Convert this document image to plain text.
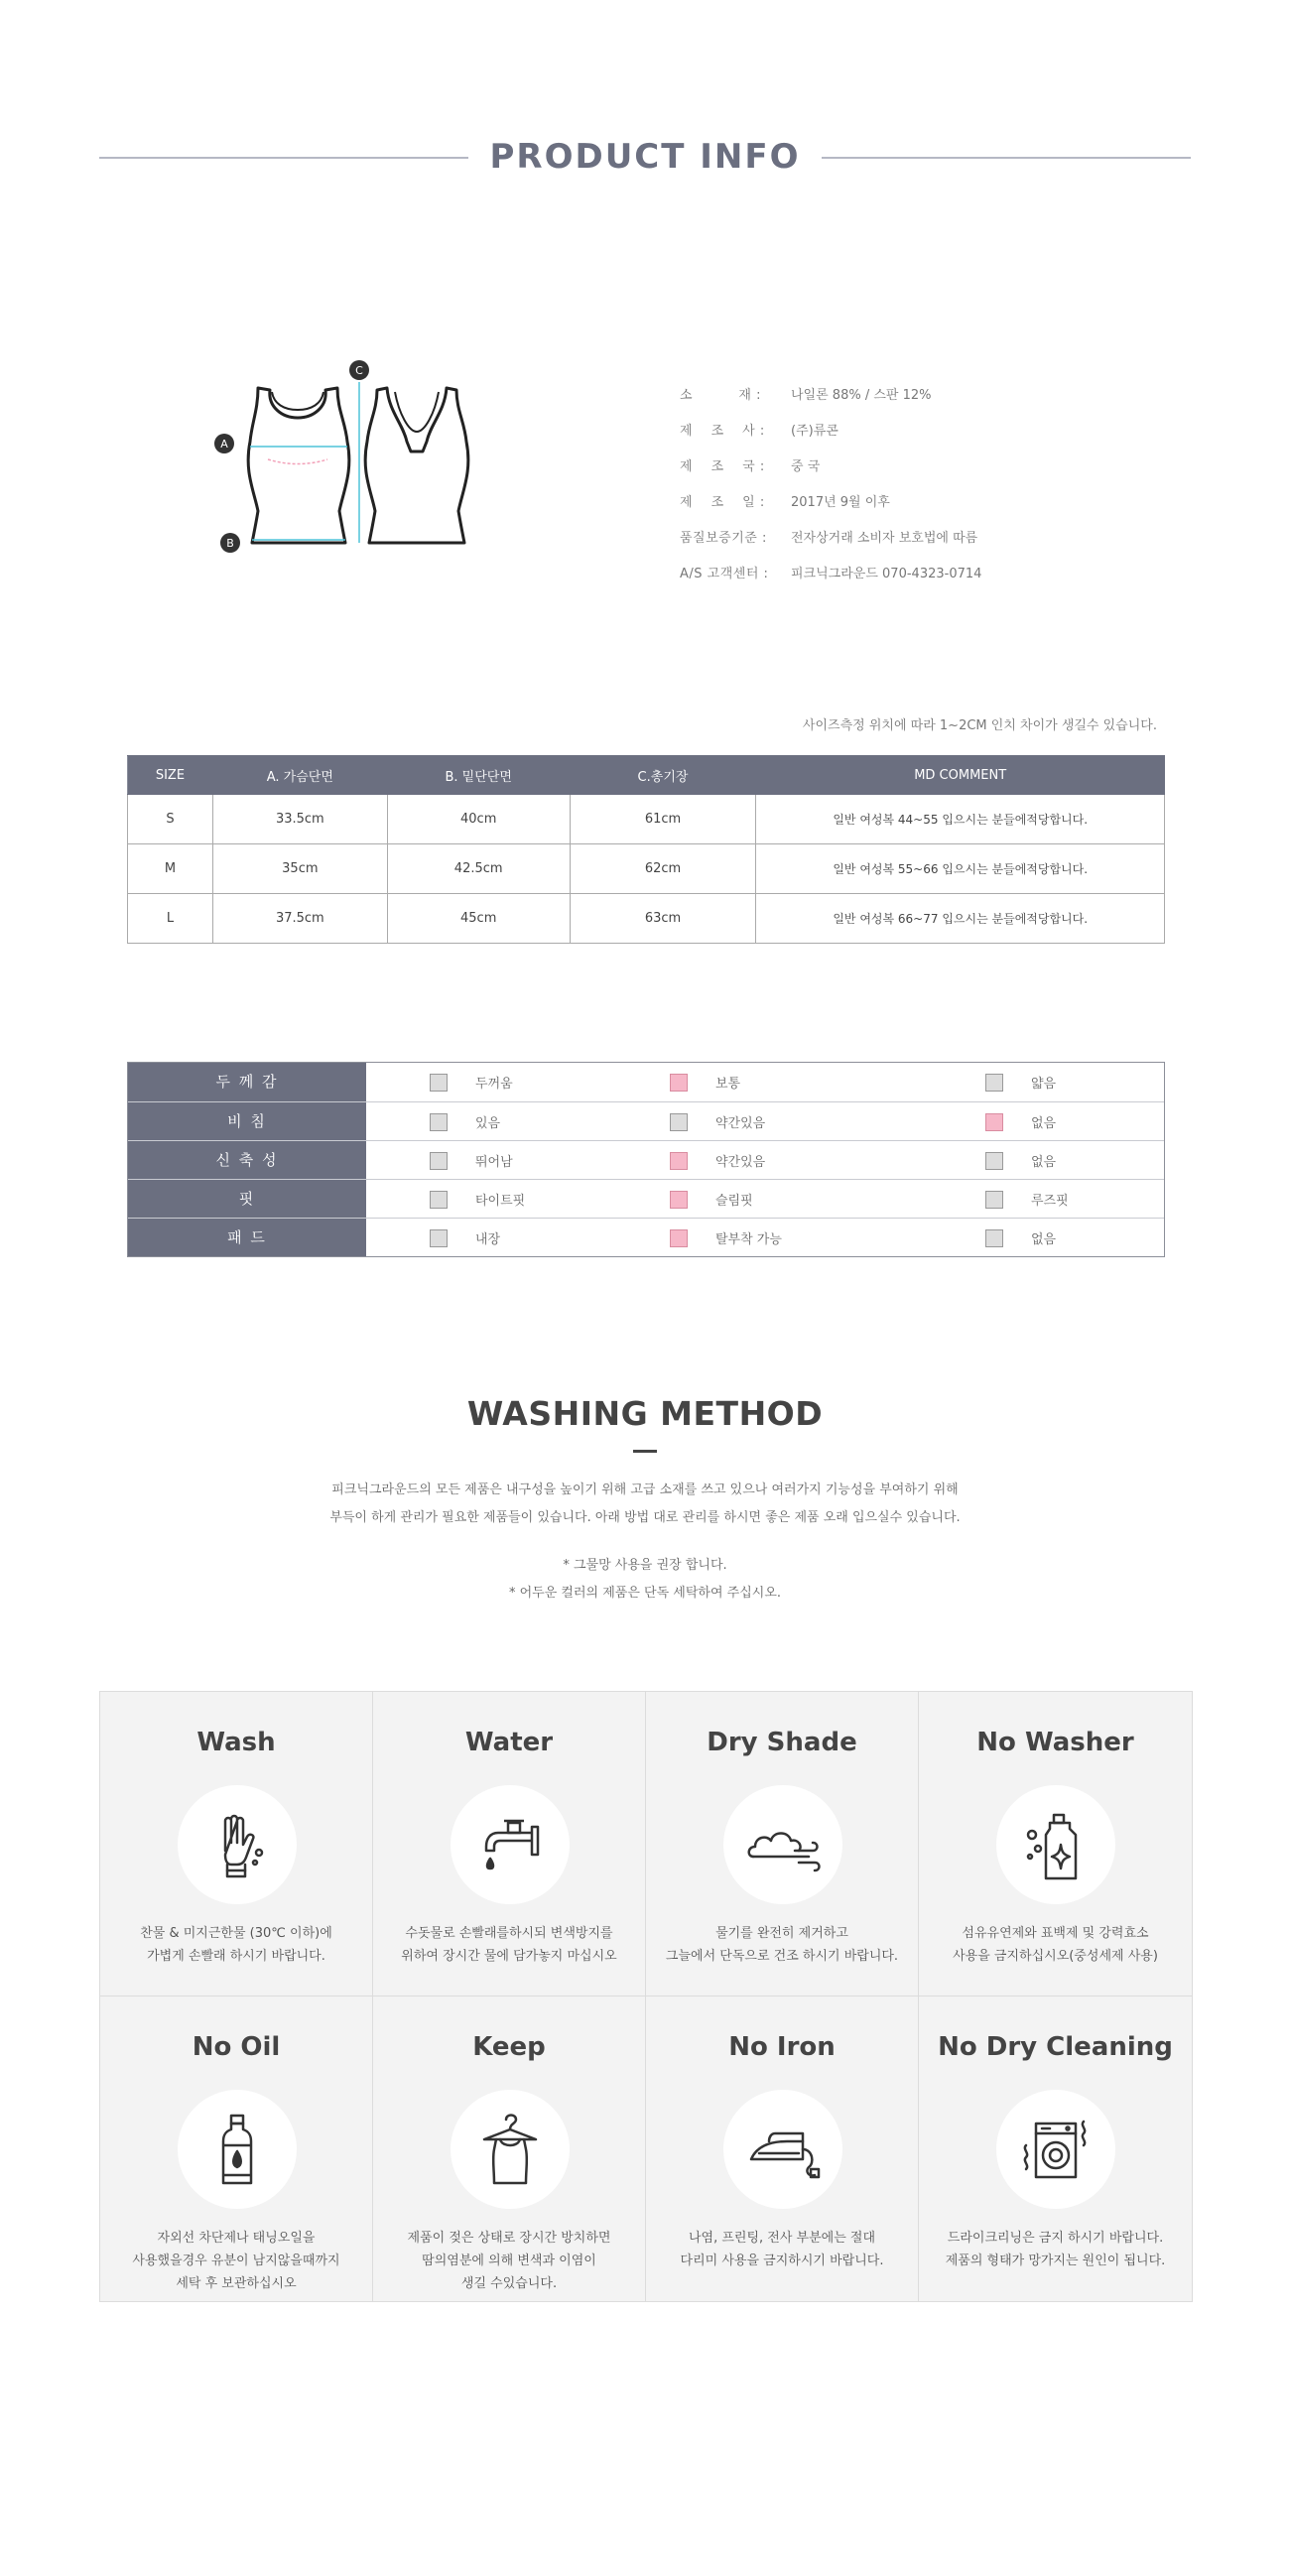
PRODUCT INFO
A
B
C
소          재 :	나일론 88% / 스판 12%
제    조    사 :	(주)류콘
제    조    국 :	중 국
제    조    일 :	2017년 9월 이후
품질보증기준 :	전자상거래 소비자 보호법에 따름
A/S 고객센터 :	피크닉그라운드 070-4323-0714
사이즈측정 위치에 따라 1~2CM 인치 차이가 생길수 있습니다.
SIZE	A. 가슴단면	B. 밑단단면	C.총기장	MD COMMENT
S	33.5cm	40cm	61cm	일반 여성복 44~55 입으시는 분들에적당합니다.
M	35cm	42.5cm	62cm	일반 여성복 55~66 입으시는 분들에적당합니다.
L	37.5cm	45cm	63cm	일반 여성복 66~77 입으시는 분들에적당합니다.
두 께 감	두꺼움	보통	얇음
비 침	있음	약간있음	없음
신 축 성	뛰어남	약간있음	없음
핏	타이트핏	슬림핏	루즈핏
패 드	내장	탈부착 가능	없음
WASHING METHOD
피크닉그라운드의 모든 제품은 내구성을 높이기 위해 고급 소재를 쓰고 있으나 여러가지 기능성을 부여하기 위해
부득이 하게 관리가 필요한 제품들이 있습니다. 아래 방법 대로 관리를 하시면 좋은 제품 오래 입으실수 있습니다.
* 그물망 사용을 권장 합니다.
* 어두운 컬러의 제품은 단독 세탁하여 주십시오.
Wash
찬물 & 미지근한물 (30℃ 이하)에
가볍게 손빨래 하시기 바랍니다.
Water
수돗물로 손빨래를하시되 변색방지를
위하여 장시간 물에 담가놓지 마십시오
Dry Shade
물기를 완전히 제거하고
그늘에서 단독으로 건조 하시기 바랍니다.
No Washer
섬유유연제와 표백제 및 강력효소
사용을 금지하십시오(중성세제 사용)
No Oil
자외선 차단제나 태닝오일을
사용했을경우 유분이 남지않을때까지
세탁 후 보관하십시오
Keep
제품이 젖은 상태로 장시간 방치하면
땀의염분에 의해 변색과 이염이
생길 수있습니다.
No Iron
나염, 프린팅, 전사 부분에는 절대
다리미 사용을 금지하시기 바랍니다.
No Dry Cleaning
드라이크리닝은 금지 하시기 바랍니다.
제품의 형태가 망가지는 원인이 됩니다.
